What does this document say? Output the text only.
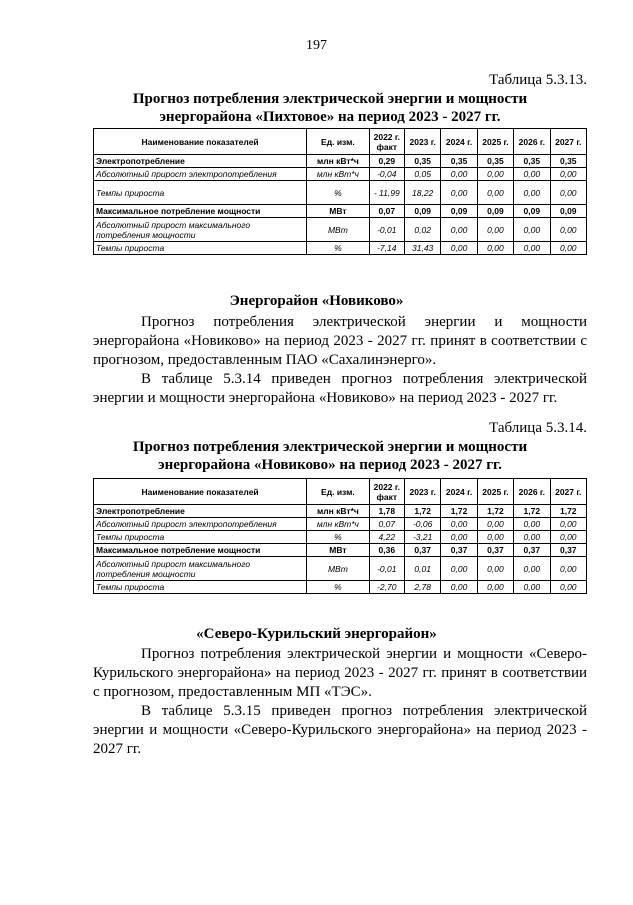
197
Таблица 5.3.13.
Прогноз потребления электрической энергии и мощности
энергорайона «Пихтовое» на период 2023 - 2027 гг.
Наименование показателей	Ед. изм.	2022 г. факт	2023 г.	2024 г.	2025 г.	2026 г.	2027 г.
Электропотребление	млн кВт*ч	0,29	0,35	0,35	0,35	0,35	0,35
Абсолютный прирост электропотребления	млн кВт*ч	-0,04	0,05	0,00	0,00	0,00	0,00
Темпы прироста	%	- 11,99	18,22	0,00	0,00	0,00	0,00
Максимальное потребление мощности	МВт	0,07	0,09	0,09	0,09	0,09	0,09
Абсолютный прирост максимального потребления мощности	МВт	-0,01	0,02	0,00	0,00	0,00	0,00
Темпы прироста	%	-7,14	31,43	0,00	0,00	0,00	0,00
Энергорайон «Новиково»
Прогноз потребления электрической энергии и мощности энергорайона «Новиково» на период 2023 - 2027 гг. принят в соответствии с прогнозом, предоставленным ПАО «Сахалинэнерго».
В таблице 5.3.14 приведен прогноз потребления электрической энергии и мощности энергорайона «Новиково» на период 2023 - 2027 гг.
Таблица 5.3.14.
Прогноз потребления электрической энергии и мощности
энергорайона «Новиково» на период 2023 - 2027 гг.
Наименование показателей	Ед. изм.	2022 г. факт	2023 г.	2024 г.	2025 г.	2026 г.	2027 г.
Электропотребление	млн кВт*ч	1,78	1,72	1,72	1,72	1,72	1,72
Абсолютный прирост электропотребления	млн кВт*ч	0,07	-0,06	0,00	0,00	0,00	0,00
Темпы прироста	%	4,22	-3,21	0,00	0,00	0,00	0,00
Максимальное потребление мощности	МВт	0,36	0,37	0,37	0,37	0,37	0,37
Абсолютный прирост максимального потребления мощности	МВт	-0,01	0,01	0,00	0,00	0,00	0,00
Темпы прироста	%	-2,70	2,78	0,00	0,00	0,00	0,00
«Северо-Курильский энергорайон»
Прогноз потребления электрической энергии и мощности «Северо-Курильского энергорайона» на период 2023 - 2027 гг. принят в соответствии с прогнозом, предоставленным МП «ТЭС».
В таблице 5.3.15 приведен прогноз потребления электрической энергии и мощности «Северо-Курильского энергорайона» на период 2023 - 2027 гг.
